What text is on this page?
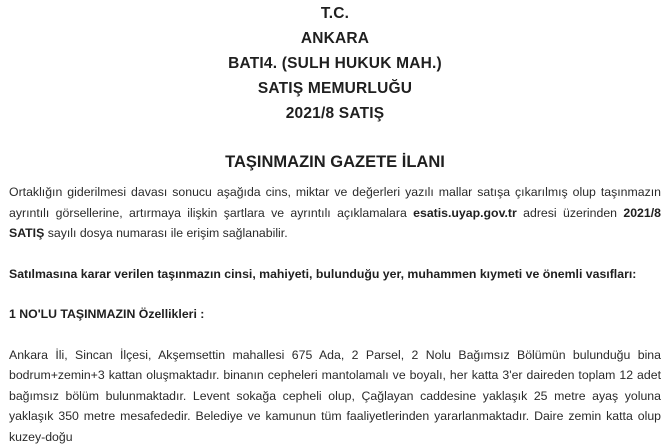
T.C.
ANKARA
BATI4. (SULH HUKUK MAH.)
SATIŞ MEMURLUĞU
2021/8 SATIŞ
TAŞINMAZIN GAZETE İLANI

Ortaklığın giderilmesi davası sonucu aşağıda cins, miktar ve değerleri yazılı mallar satışa çıkarılmış olup taşınmazın ayrıntılı görsellerine, artırmaya ilişkin şartlara ve ayrıntılı açıklamalara esatis.uyap.gov.tr adresi üzerinden 2021/8 SATIŞ sayılı dosya numarası ile erişim sağlanabilir.

Satılmasına karar verilen taşınmazın cinsi, mahiyeti, bulunduğu yer, muhammen kıymeti ve önemli vasıfları:

1 NO'LU TAŞINMAZIN Özellikleri :

Ankara İli, Sincan İlçesi, Akşemsettin mahallesi 675 Ada, 2 Parsel, 2 Nolu Bağımsız Bölümün bulunduğu bina bodrum+zemin+3 kattan oluşmaktadır. binanın cepheleri mantolamalı ve boyalı, her katta 3'er daireden toplam 12 adet bağımsız bölüm bulunmaktadır. Levent sokağa cepheli olup, Çağlayan caddesine yaklaşık 25 metre ayaş yoluna yaklaşık 350 metre mesafededir. Belediye ve kamunun tüm faaliyetlerinden yararlanmaktadır. Daire zemin katta olup kuzey-doğu
